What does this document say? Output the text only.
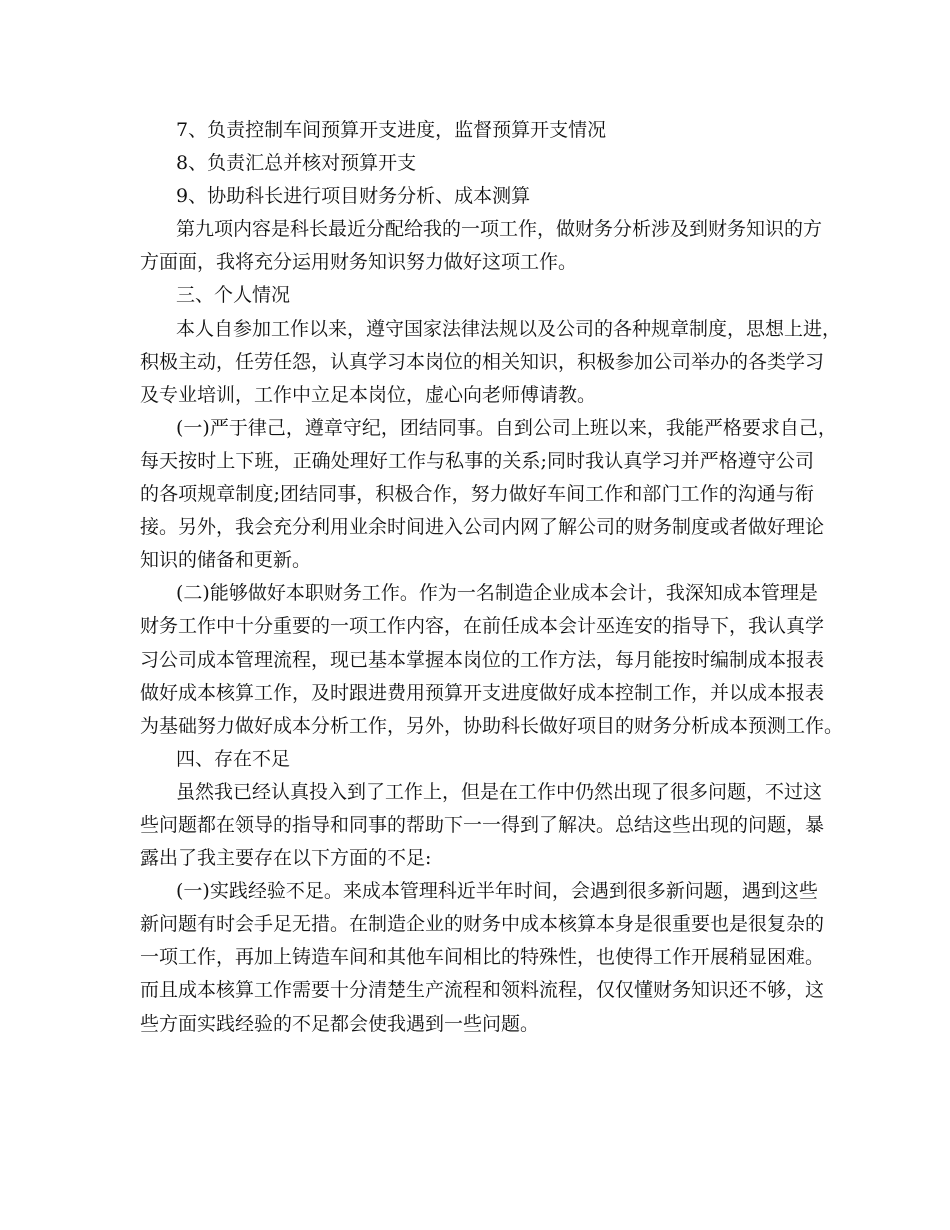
7、负责控制车间预算开支进度，监督预算开支情况
8、负责汇总并核对预算开支
9、协助科长进行项目财务分析、成本测算
第九项内容是科长最近分配给我的一项工作，做财务分析涉及到财务知识的方
方面面，我将充分运用财务知识努力做好这项工作。
三、个人情况
本人自参加工作以来，遵守国家法律法规以及公司的各种规章制度，思想上进，
积极主动，任劳任怨，认真学习本岗位的相关知识，积极参加公司举办的各类学习
及专业培训，工作中立足本岗位，虚心向老师傅请教。
(一)严于律己，遵章守纪，团结同事。自到公司上班以来，我能严格要求自己，
每天按时上下班，正确处理好工作与私事的关系;同时我认真学习并严格遵守公司
的各项规章制度;团结同事，积极合作，努力做好车间工作和部门工作的沟通与衔
接。另外，我会充分利用业余时间进入公司内网了解公司的财务制度或者做好理论
知识的储备和更新。
(二)能够做好本职财务工作。作为一名制造企业成本会计，我深知成本管理是
财务工作中十分重要的一项工作内容，在前任成本会计巫连安的指导下，我认真学
习公司成本管理流程，现已基本掌握本岗位的工作方法，每月能按时编制成本报表
做好成本核算工作，及时跟进费用预算开支进度做好成本控制工作，并以成本报表
为基础努力做好成本分析工作，另外，协助科长做好项目的财务分析成本预测工作。
四、存在不足
虽然我已经认真投入到了工作上，但是在工作中仍然出现了很多问题，不过这
些问题都在领导的指导和同事的帮助下一一得到了解决。总结这些出现的问题，暴
露出了我主要存在以下方面的不足:
(一)实践经验不足。来成本管理科近半年时间，会遇到很多新问题，遇到这些
新问题有时会手足无措。在制造企业的财务中成本核算本身是很重要也是很复杂的
一项工作，再加上铸造车间和其他车间相比的特殊性，也使得工作开展稍显困难。
而且成本核算工作需要十分清楚生产流程和领料流程，仅仅懂财务知识还不够，这
些方面实践经验的不足都会使我遇到一些问题。
